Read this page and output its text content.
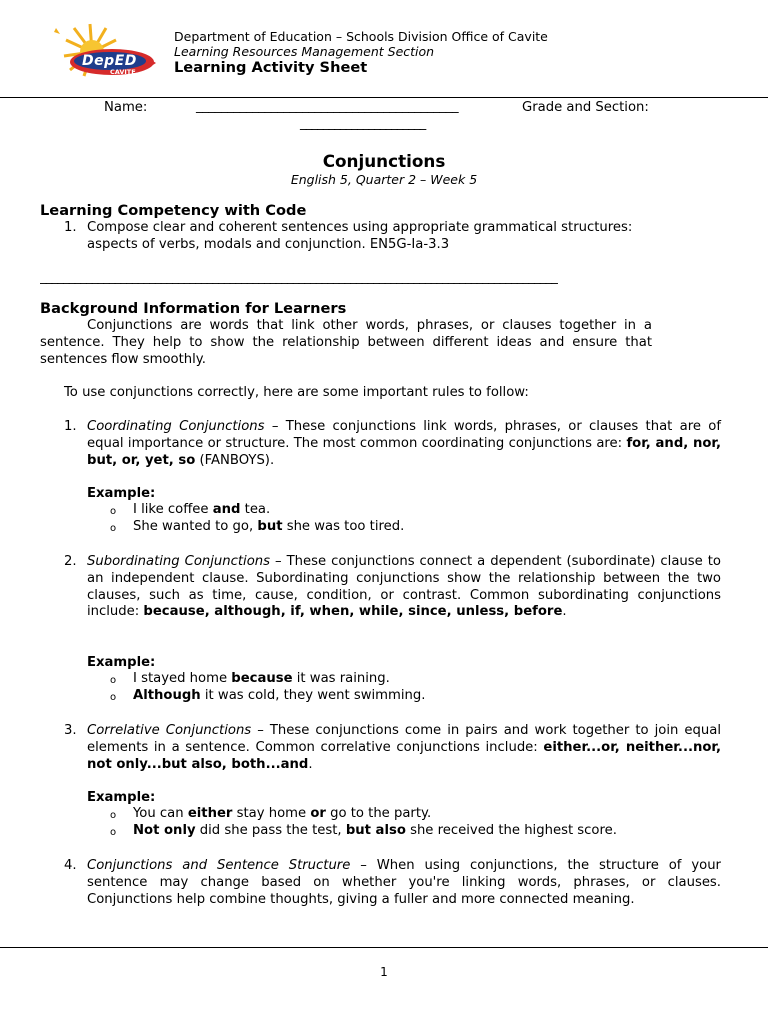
DepED
CAVITE
Department of Education – Schools Division Office of Cavite
Learning Resources Management Section
Learning Activity Sheet
Name:	__________________________________________	Grade and Section:
______________________
Conjunctions
English 5, Quarter 2 – Week 5
Learning Competency with Code
1. Compose clear and coherent sentences using appropriate grammatical structures: aspects of verbs, modals and conjunction. EN5G-Ia-3.3

__________________________________________________________________________________________
Background Information for Learners

Conjunctions are words that link other words, phrases, or clauses together in a sentence. They help to show the relationship between different ideas and ensure that sentences flow smoothly.

To use conjunctions correctly, here are some important rules to follow:

1. Coordinating Conjunctions – These conjunctions link words, phrases, or clauses that are of equal importance or structure. The most common coordinating conjunctions are: for, and, nor, but, or, yet, so (FANBOYS).

Example:
o I like coffee and tea.
o She wanted to go, but she was too tired.
2. Subordinating Conjunctions – These conjunctions connect a dependent (subordinate) clause to an independent clause. Subordinating conjunctions show the relationship between the two clauses, such as time, cause, condition, or contrast. Common subordinating conjunctions include: because, although, if, when, while, since, unless, before.

Example:
o I stayed home because it was raining.
o Although it was cold, they went swimming.
3. Correlative Conjunctions – These conjunctions come in pairs and work together to join equal elements in a sentence. Common correlative conjunctions include: either...or, neither...nor, not only...but also, both...and.

Example:
o You can either stay home or go to the party.
o Not only did she pass the test, but also she received the highest score.
4. Conjunctions and Sentence Structure – When using conjunctions, the structure of your sentence may change based on whether you're linking words, phrases, or clauses. Conjunctions help combine thoughts, giving a fuller and more connected meaning.

1
